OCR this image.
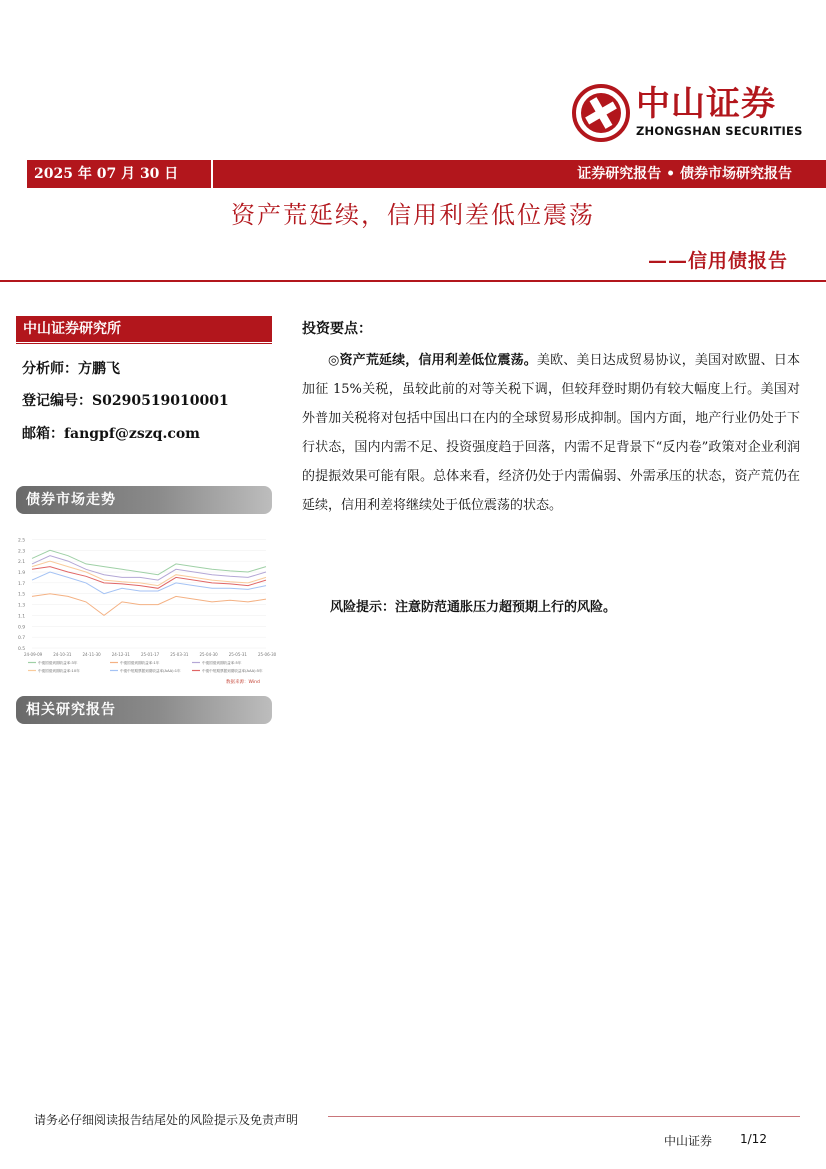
中山证券
ZHONGSHAN SECURITIES
2025 年 07 月 30 日	证券研究报告 • 债券市场研究报告
资产荒延续，信用利差低位震荡
——信用债报告
中山证券研究所
分析师：方鹏飞
登记编号：S0290519010001
邮箱：fangpf@zszq.com
债券市场走势
2.5
2.3
2.1
1.9
1.7
1.5
1.3
1.1
0.9
0.7
0.5
24-09-09	24-10-31	24-11-30	24-12-31	25-01-17	25-03-31	25-04-30	25-05-31	25-06-30
中债国债到期收益率:3年	中债国债到期收益率:1年	中债国债到期收益率:5年
中债国债到期收益率:10年	中债中短期票据到期收益率(AAA):1年	中债中短期票据到期收益率(AAA):5年
数据来源：Wind
相关研究报告
投资要点：
◎资产荒延续，信用利差低位震荡。美欧、美日达成贸易协议，美国对欧盟、日本加征 15%关税，虽较此前的对等关税下调，但较拜登时期仍有较大幅度上行。美国对外普加关税将对包括中国出口在内的全球贸易形成抑制。国内方面，地产行业仍处于下行状态，国内内需不足、投资强度趋于回落，内需不足背景下“反内卷”政策对企业利润的提振效果可能有限。总体来看，经济仍处于内需偏弱、外需承压的状态，资产荒仍在延续，信用利差将继续处于低位震荡的状态。
风险提示：注意防范通胀压力超预期上行的风险。
请务必仔细阅读报告结尾处的风险提示及免责声明
中山证券 1/12
